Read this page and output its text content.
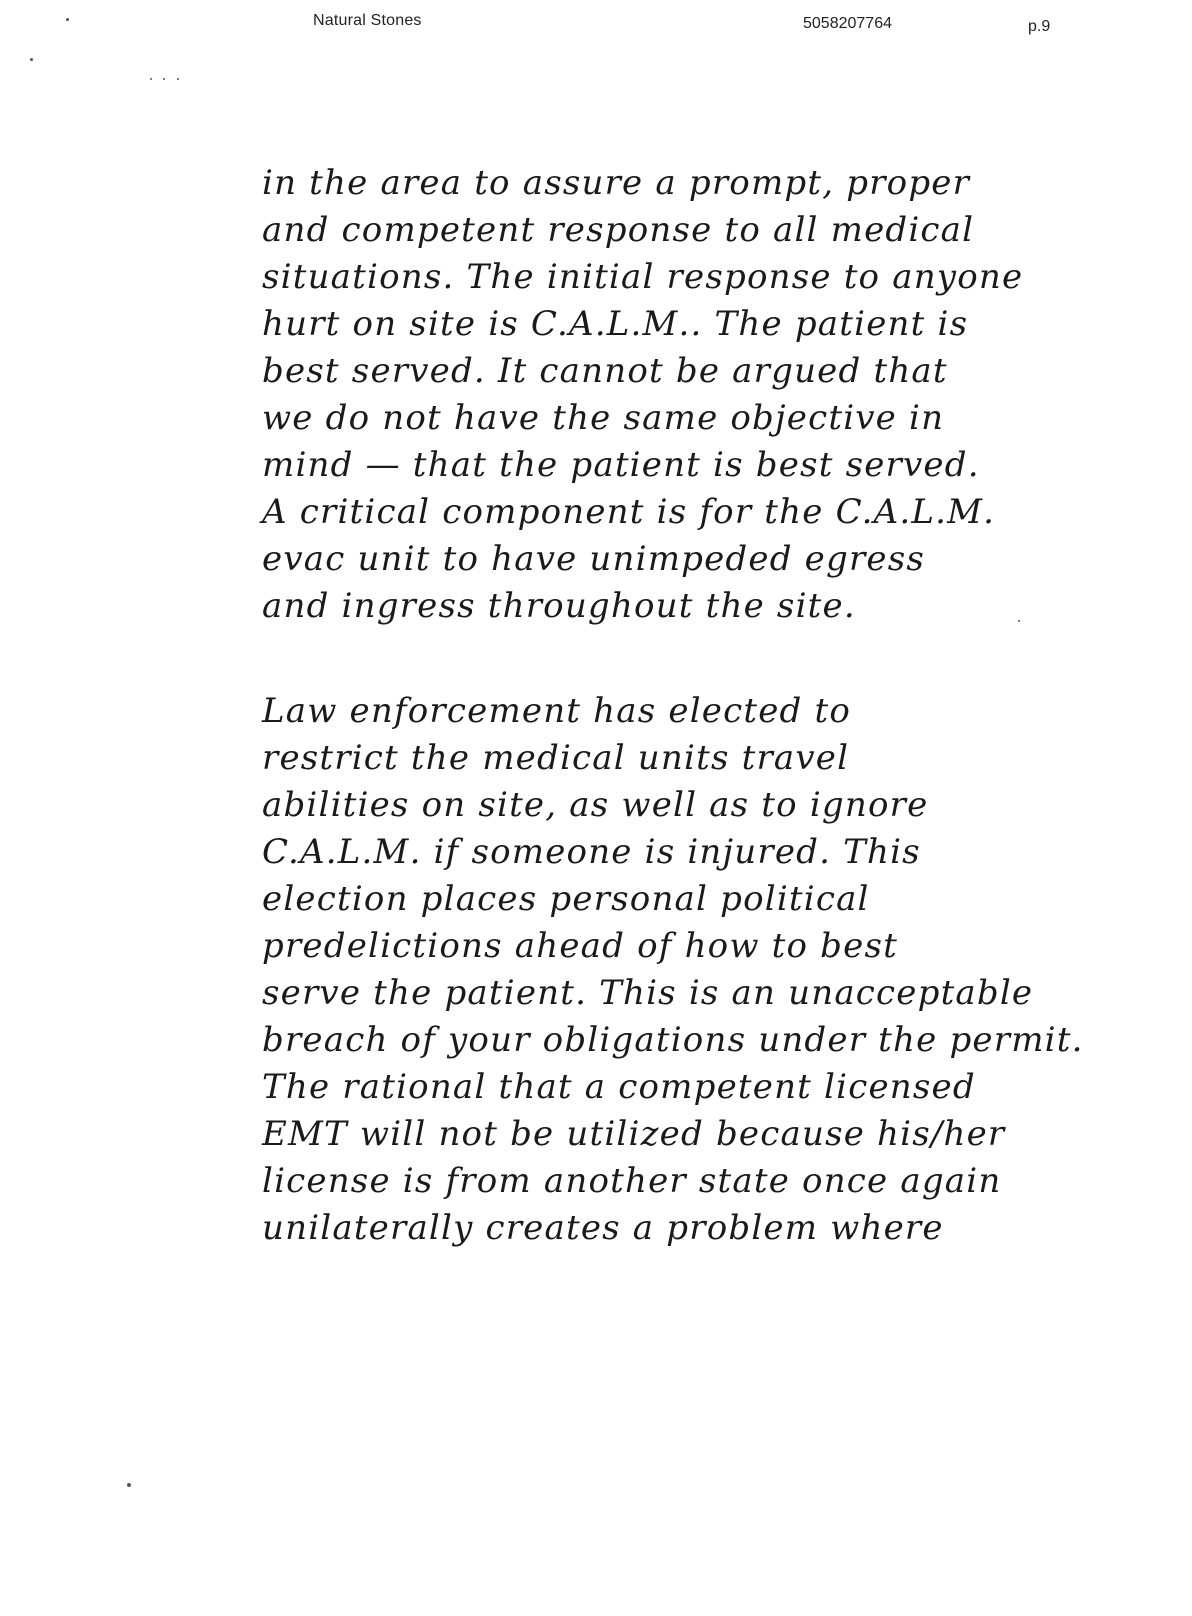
Natural Stones	5058207764	p.9
in the area to assure a prompt, proper
and competent response to all medical
situations. The initial response to anyone
hurt on site is C.A.L.M.. The patient is
best served. It cannot be argued that
we do not have the same objective in
mind — that the patient is best served.
A critical component is for the C.A.L.M.
evac unit to have unimpeded egress
and ingress throughout the site.
Law enforcement has elected to
restrict the medical units travel
abilities on site, as well as to ignore
C.A.L.M. if someone is injured. This
election places personal political
predelictions ahead of how to best
serve the patient. This is an unacceptable
breach of your obligations under the permit.
The rational that a competent licensed
EMT will not be utilized because his/her
license is from another state once again
unilaterally creates a problem where
